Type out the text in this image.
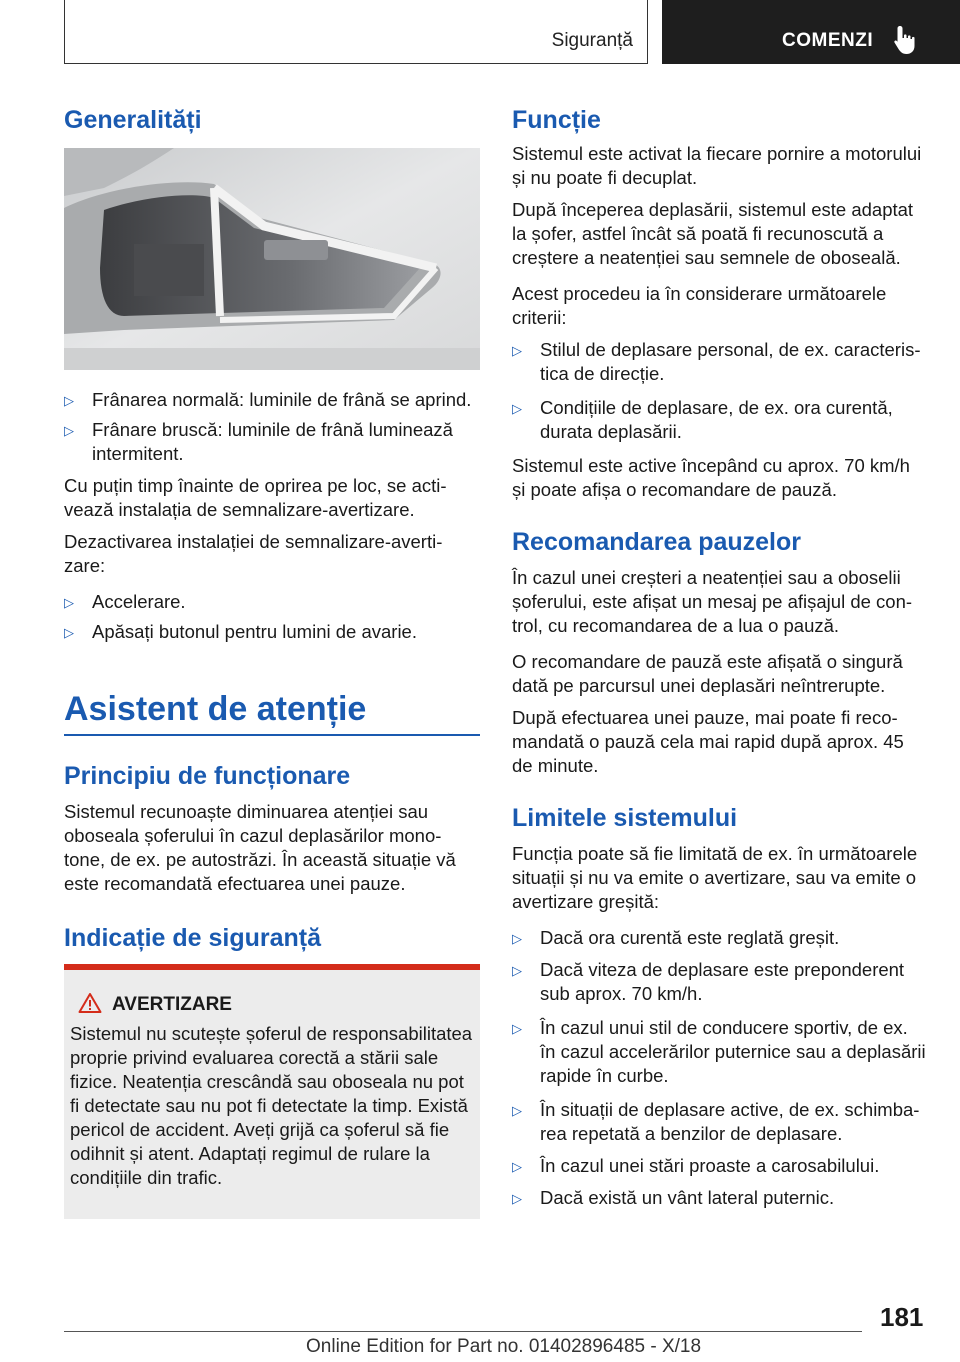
Siguranță	COMENZI
Generalități

▷ Frânarea normală: luminile de frână se aprind.

▷ Frânare bruscă: luminile de frână luminează intermitent.

Cu puțin timp înainte de oprirea pe loc, se activează instalația de semnalizare-avertizare.

Dezactivarea instalației de semnalizare-avertizare:

▷ Accelerare.

▷ Apăsați butonul pentru lumini de avarie.

Asistent de atenție
Principiu de funcționare

Sistemul recunoaște diminuarea atenției sau oboseala șoferului în cazul deplasărilor monotone, de ex. pe autostrăzi. În această situație vă este recomandată efectuarea unei pauze.

Indicație de siguranță
AVERTIZARE

Sistemul nu scutește șoferul de responsabilitatea proprie privind evaluarea corectă a stării sale fizice. Neatenția crescândă sau oboseala nu pot fi detectate sau nu pot fi detectate la timp. Există pericol de accident. Aveți grijă ca șoferul să fie odihnit și atent. Adaptați regimul de rulare la condițiile din trafic.

Funcție

Sistemul este activat la fiecare pornire a motorului și nu poate fi decuplat.

După începerea deplasării, sistemul este adaptat la șofer, astfel încât să poată fi recunoscută a creștere a neatenției sau semnele de oboseală.

Acest procedeu ia în considerare următoarele criterii:

▷ Stilul de deplasare personal, de ex. caracteristica de direcție.

▷ Condițiile de deplasare, de ex. ora curentă, durata deplasării.

Sistemul este active începând cu aprox. 70 km/h și poate afișa o recomandare de pauză.

Recomandarea pauzelor

În cazul unei creșteri a neatenției sau a oboselii șoferului, este afișat un mesaj pe afișajul de control, cu recomandarea de a lua o pauză.

O recomandare de pauză este afișată o singură dată pe parcursul unei deplasări neîntrerupte.

După efectuarea unei pauze, mai poate fi recomandată o pauză cela mai rapid după aprox. 45 de minute.

Limitele sistemului

Funcția poate să fie limitată de ex. în următoarele situații și nu va emite o avertizare, sau va emite o avertizare greșită:

▷ Dacă ora curentă este reglată greșit.

▷ Dacă viteza de deplasare este preponderent sub aprox. 70 km/h.

▷ În cazul unui stil de conducere sportiv, de ex. în cazul accelerărilor puternice sau a deplasării rapide în curbe.

▷ În situații de deplasare active, de ex. schimbarea repetată a benzilor de deplasare.

▷ În cazul unei stări proaste a carosabilului.

▷ Dacă există un vânt lateral puternic.

181
Online Edition for Part no. 01402896485 - X/18
